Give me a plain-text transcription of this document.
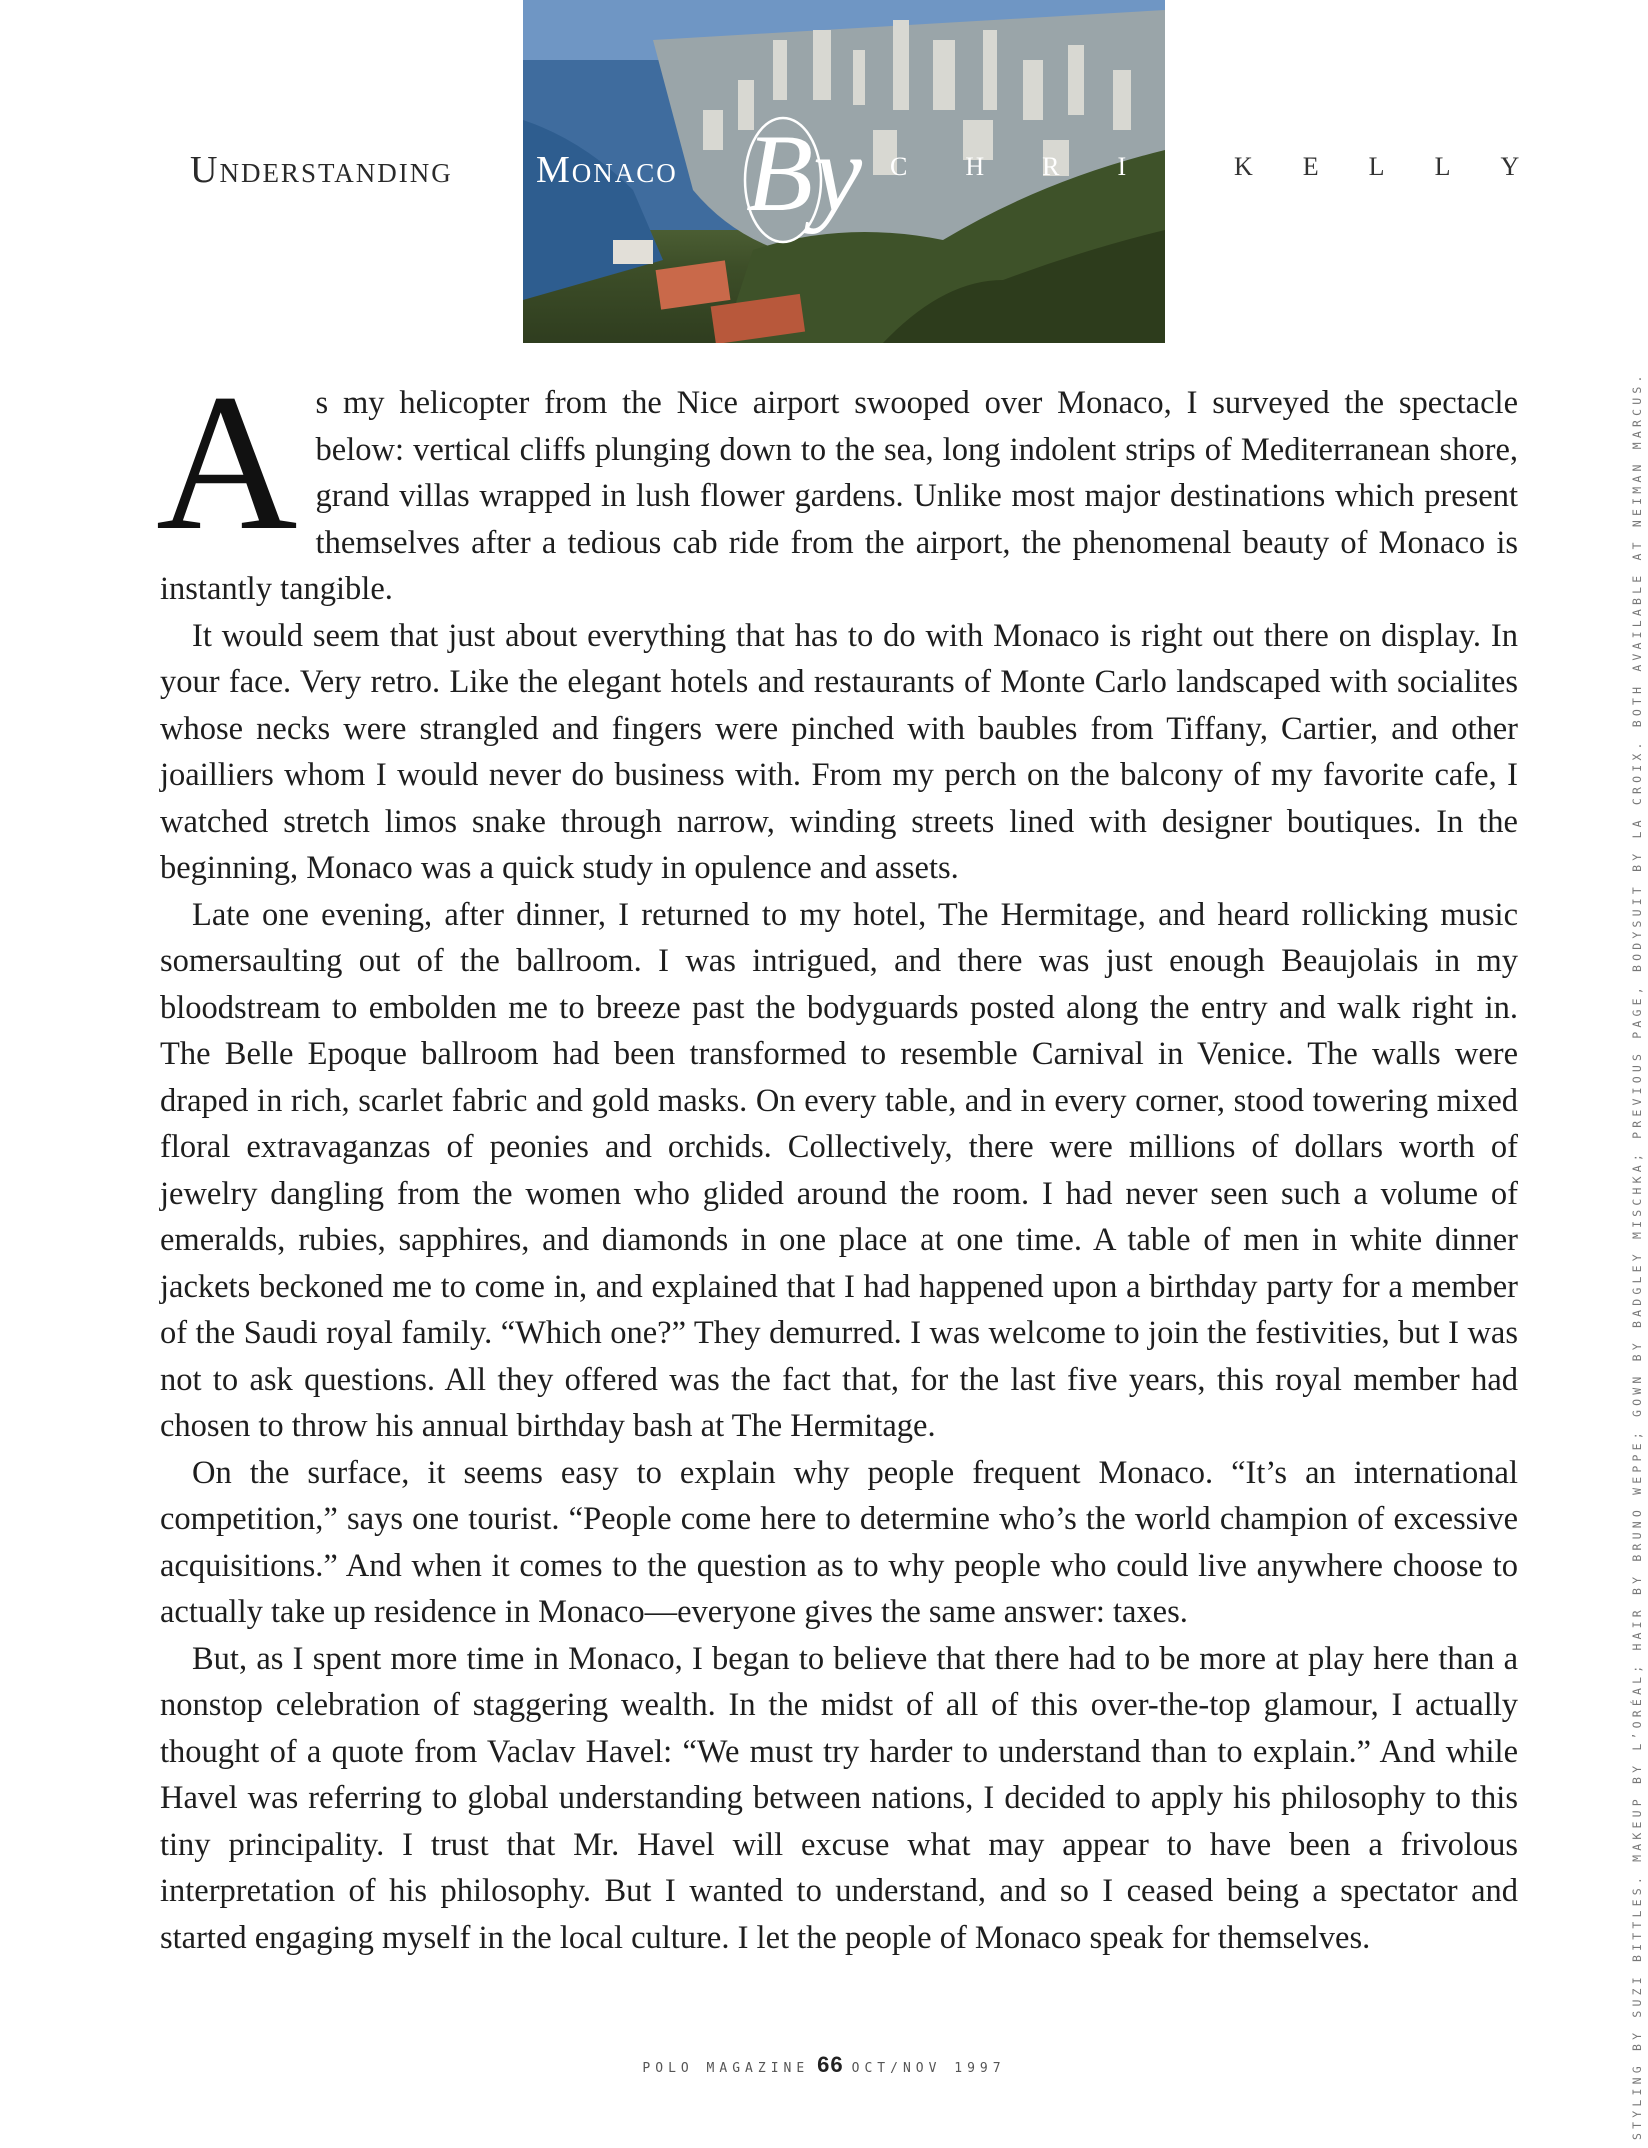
Understanding Monaco By C H R I S	K E L L Y

As my helicopter from the Nice airport swooped over Monaco, I surveyed the spectacle below: vertical cliffs plunging down to the sea, long indolent strips of Mediterranean shore, grand villas wrapped in lush flower gardens. Unlike most major destinations which present themselves after a tedious cab ride from the airport, the phenomenal beauty of Monaco is instantly tangible.

It would seem that just about everything that has to do with Monaco is right out there on display. In your face. Very retro. Like the elegant hotels and restaurants of Monte Carlo landscaped with socialites whose necks were strangled and fingers were pinched with baubles from Tiffany, Cartier, and other joailliers whom I would never do business with. From my perch on the balcony of my favorite cafe, I watched stretch limos snake through narrow, winding streets lined with designer boutiques. In the beginning, Monaco was a quick study in opulence and assets.

Late one evening, after dinner, I returned to my hotel, The Hermitage, and heard rollicking music somersaulting out of the ballroom. I was intrigued, and there was just enough Beaujolais in my bloodstream to embolden me to breeze past the bodyguards posted along the entry and walk right in. The Belle Epoque ballroom had been transformed to resemble Carnival in Venice. The walls were draped in rich, scarlet fabric and gold masks. On every table, and in every corner, stood towering mixed floral extravaganzas of peonies and orchids. Collectively, there were millions of dollars worth of jewelry dangling from the women who glided around the room. I had never seen such a volume of emeralds, rubies, sapphires, and diamonds in one place at one time. A table of men in white dinner jackets beckoned me to come in, and explained that I had happened upon a birthday party for a member of the Saudi royal family. “Which one?” They demurred. I was welcome to join the festivities, but I was not to ask questions. All they offered was the fact that, for the last five years, this royal member had chosen to throw his annual birthday bash at The Hermitage.

On the surface, it seems easy to explain why people frequent Monaco. “It’s an international competition,” says one tourist. “People come here to determine who’s the world champion of excessive acquisitions.” And when it comes to the question as to why people who could live anywhere choose to actually take up residence in Monaco—everyone gives the same answer: taxes.

But, as I spent more time in Monaco, I began to believe that there had to be more at play here than a nonstop celebration of staggering wealth. In the midst of all of this over-the-top glamour, I actually thought of a quote from Vaclav Havel: “We must try harder to understand than to explain.” And while Havel was referring to global understanding between nations, I decided to apply his philosophy to this tiny principality. I trust that Mr. Havel will excuse what may appear to have been a frivolous interpretation of his philosophy. But I wanted to understand, and so I ceased being a spectator and started engaging myself in the local culture. I let the people of Monaco speak for themselves.

POLO MAGAZINE 66 OCT/NOV 1997	STYLING BY SUZI BITTLES. MAKEUP BY L’ORÉAL; HAIR BY BRUNO WEPPE; GOWN BY BADGLEY MISCHKA; PREVIOUS PAGE, BODYSUIT BY LA CROIX. BOTH AVAILABLE AT NEIMAN MARCUS.
